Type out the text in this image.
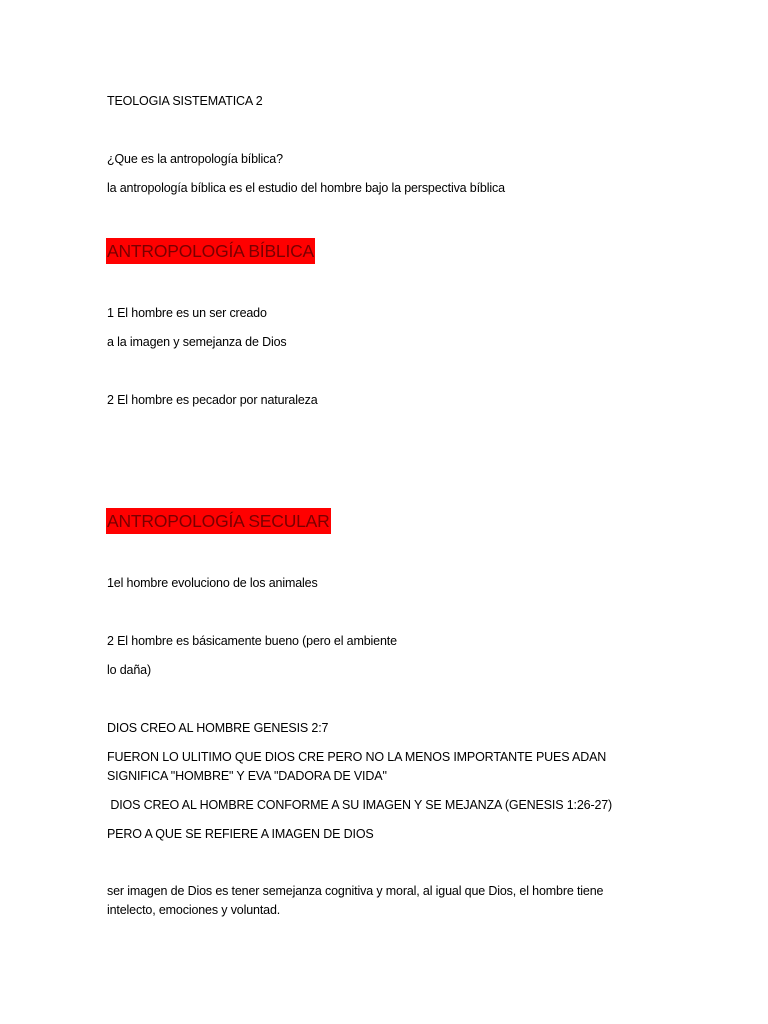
TEOLOGIA SISTEMATICA 2
¿Que es la antropología bíblica?
la antropología bíblica es el estudio del hombre bajo la perspectiva bíblica
ANTROPOLOGÍA BÍBLICA
1 El hombre es un ser creado
a la imagen y semejanza de Dios
2 El hombre es pecador por naturaleza
ANTROPOLOGÍA SECULAR
1el hombre evoluciono de los animales
2 El hombre es básicamente bueno (pero el ambiente
lo daña)
DIOS CREO AL HOMBRE GENESIS 2:7
FUERON LO ULITIMO QUE DIOS CRE PERO NO LA MENOS IMPORTANTE PUES ADAN SIGNIFICA "HOMBRE" Y EVA "DADORA DE VIDA"
DIOS CREO AL HOMBRE CONFORME A SU IMAGEN Y SE MEJANZA (GENESIS 1:26-27)
PERO A QUE SE REFIERE A IMAGEN DE DIOS
ser imagen de Dios es tener semejanza cognitiva y moral, al igual que Dios, el hombre tiene intelecto, emociones y voluntad.
